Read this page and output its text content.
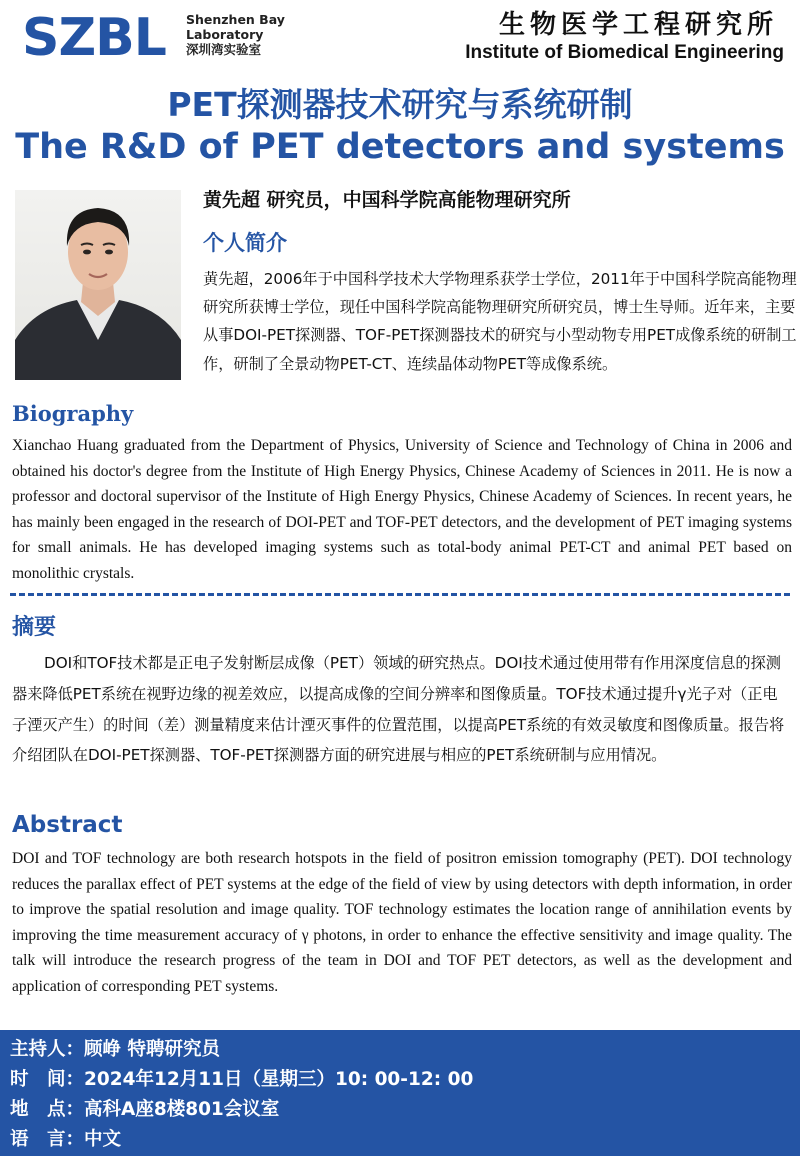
SZBL Shenzhen Bay
Laboratory
深圳湾实验室
生物医学工程研究所
Institute of Biomedical Engineering
PET探测器技术研究与系统研制
The R&D of PET detectors and systems
黄先超 研究员，中国科学院高能物理研究所
个人简介
黄先超，2006年于中国科学技术大学物理系获学士学位，2011年于中国科学院高能物理研究所获博士学位，现任中国科学院高能物理研究所研究员，博士生导师。近年来，主要从事DOI-PET探测器、TOF-PET探测器技术的研究与小型动物专用PET成像系统的研制工作，研制了全景动物PET-CT、连续晶体动物PET等成像系统。
Biography
Xianchao Huang graduated from the Department of Physics, University of Science and Technology of China in 2006 and obtained his doctor's degree from the Institute of High Energy Physics, Chinese Academy of Sciences in 2011. He is now a professor and doctoral supervisor of the Institute of High Energy Physics, Chinese Academy of Sciences. In recent years, he has mainly been engaged in the research of DOI-PET and TOF-PET detectors, and the development of PET imaging systems for small animals. He has developed imaging systems such as total-body animal PET-CT and animal PET based on monolithic crystals.
摘要
DOI和TOF技术都是正电子发射断层成像（PET）领域的研究热点。DOI技术通过使用带有作用深度信息的探测器来降低PET系统在视野边缘的视差效应，以提高成像的空间分辨率和图像质量。TOF技术通过提升γ光子对（正电子湮灭产生）的时间（差）测量精度来估计湮灭事件的位置范围，以提高PET系统的有效灵敏度和图像质量。报告将介绍团队在DOI-PET探测器、TOF-PET探测器方面的研究进展与相应的PET系统研制与应用情况。
Abstract
DOI and TOF technology are both research hotspots in the field of positron emission tomography (PET). DOI technology reduces the parallax effect of PET systems at the edge of the field of view by using detectors with depth information, in order to improve the spatial resolution and image quality. TOF technology estimates the location range of annihilation events by improving the time measurement accuracy of γ photons, in order to enhance the effective sensitivity and image quality. The talk will introduce the research progress of the team in DOI and TOF PET detectors, as well as the development and application of corresponding PET systems.
主持人：顾峥 特聘研究员
时　间：2024年12月11日（星期三）10: 00-12: 00
地　点：高科A座8楼801会议室
语　言：中文
